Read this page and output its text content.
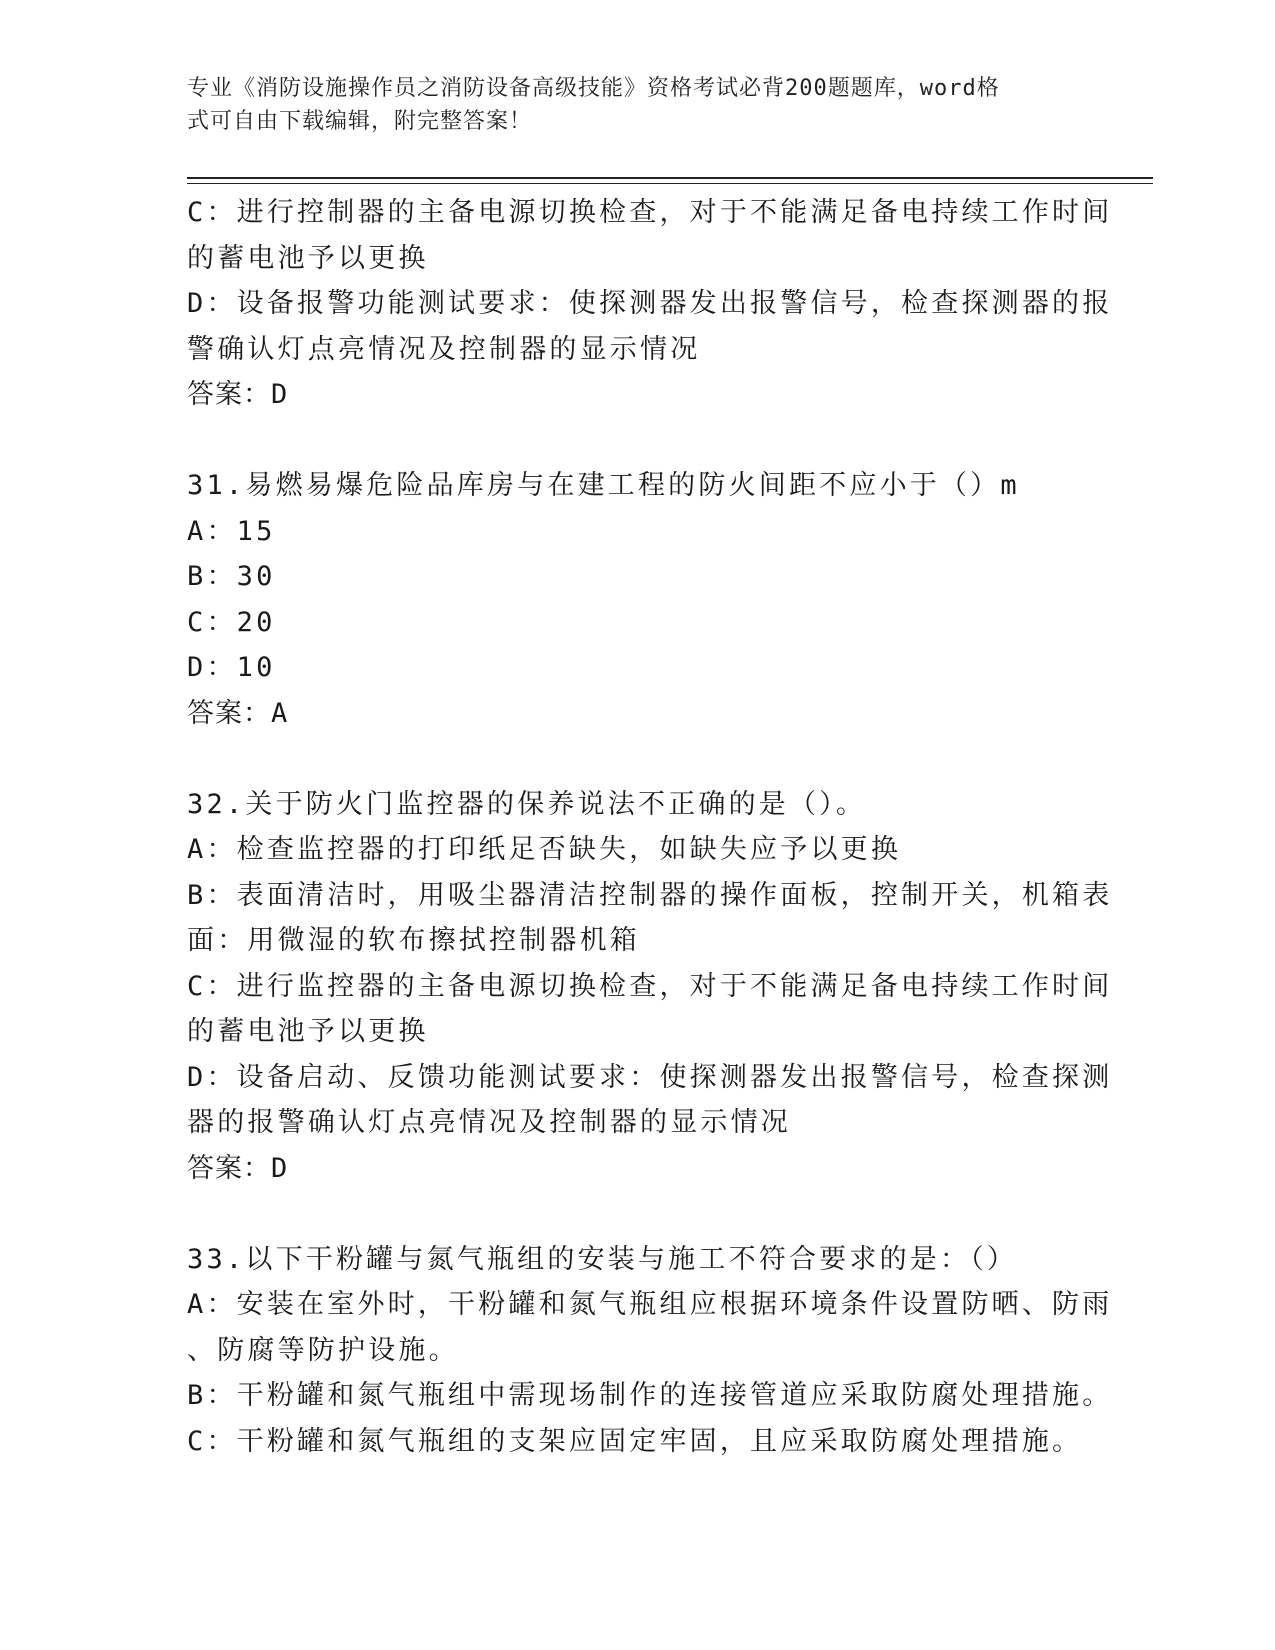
专业《消防设施操作员之消防设备高级技能》资格考试必背200题题库，word格
式可自由下载编辑，附完整答案！
C：进行控制器的主备电源切换检查，对于不能满足备电持续工作时间
的蓄电池予以更换
D：设备报警功能测试要求：使探测器发出报警信号，检查探测器的报
警确认灯点亮情况及控制器的显示情况
答案：D
31.易燃易爆危险品库房与在建工程的防火间距不应小于（）m
A：15
B：30
C：20
D：10
答案：A
32.关于防火门监控器的保养说法不正确的是（）。
A：检查监控器的打印纸足否缺失，如缺失应予以更换
B：表面清洁时，用吸尘器清洁控制器的操作面板，控制开关，机箱表
面：用微湿的软布擦拭控制器机箱
C：进行监控器的主备电源切换检查，对于不能满足备电持续工作时间
的蓄电池予以更换
D：设备启动、反馈功能测试要求：使探测器发出报警信号，检查探测
器的报警确认灯点亮情况及控制器的显示情况
答案：D
33.以下干粉罐与氮气瓶组的安装与施工不符合要求的是：（）
A：安装在室外时，干粉罐和氮气瓶组应根据环境条件设置防晒、防雨
、防腐等防护设施。
B：干粉罐和氮气瓶组中需现场制作的连接管道应采取防腐处理措施。
C：干粉罐和氮气瓶组的支架应固定牢固，且应采取防腐处理措施。
